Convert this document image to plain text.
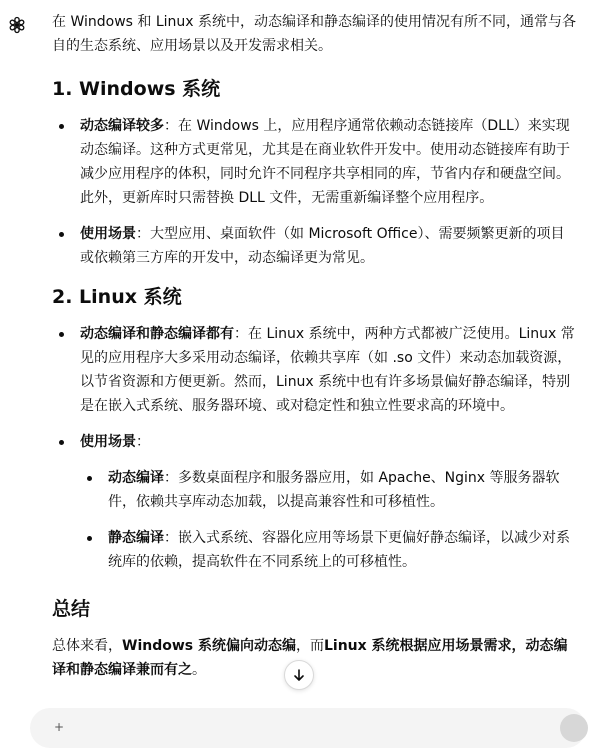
在 Windows 和 Linux 系统中，动态编译和静态编译的使用情况有所不同，通常与各自的生态系统、应用场景以及开发需求相关。

1. Windows 系统
动态编译较多：在 Windows 上，应用程序通常依赖动态链接库（DLL）来实现动态编译。这种方式更常见，尤其是在商业软件开发中。使用动态链接库有助于减少应用程序的体积，同时允许不同程序共享相同的库，节省内存和硬盘空间。此外，更新库时只需替换 DLL 文件，无需重新编译整个应用程序。
使用场景：大型应用、桌面软件（如 Microsoft Office）、需要频繁更新的项目或依赖第三方库的开发中，动态编译更为常见。
2. Linux 系统
动态编译和静态编译都有：在 Linux 系统中，两种方式都被广泛使用。Linux 常见的应用程序大多采用动态编译，依赖共享库（如 .so 文件）来动态加载资源，以节省资源和方便更新。然而，Linux 系统中也有许多场景偏好静态编译，特别是在嵌入式系统、服务器环境、或对稳定性和独立性要求高的环境中。
使用场景：
动态编译：多数桌面程序和服务器应用，如 Apache、Nginx 等服务器软件，依赖共享库动态加载，以提高兼容性和可移植性。
静态编译：嵌入式系统、容器化应用等场景下更偏好静态编译，以减少对系统库的依赖，提高软件在不同系统上的可移植性。
总结

总体来看，Windows 系统偏向动态编，而Linux 系统根据应用场景需求，动态编译和静态编译兼而有之。

+
